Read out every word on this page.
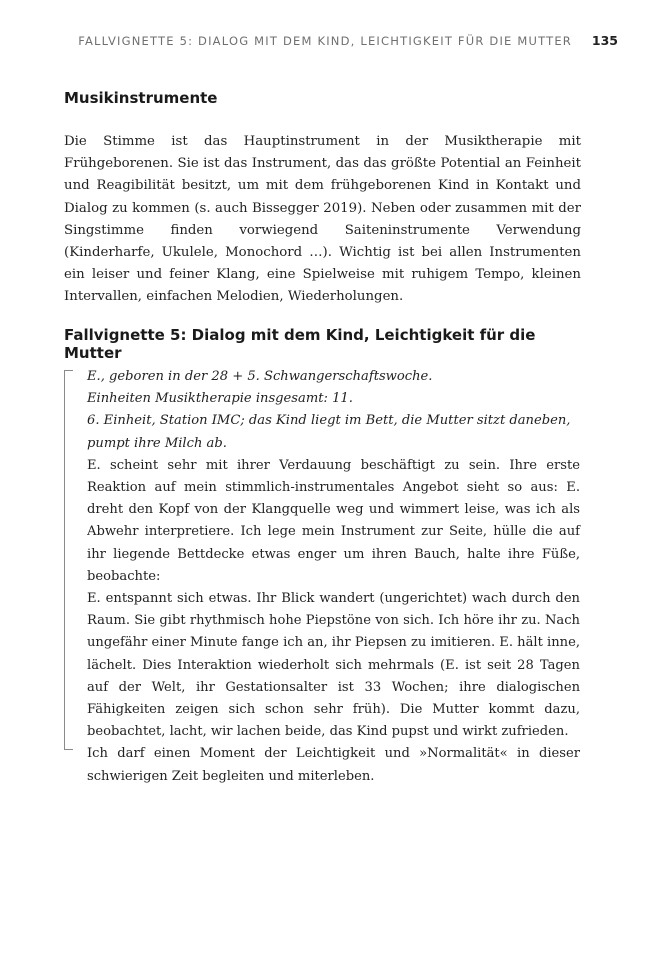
FALLVIGNETTE 5: DIALOG MIT DEM KIND, LEICHTIGKEIT FÜR DIE MUTTER 135
Musikinstrumente

Die Stimme ist das Hauptinstrument in der Musiktherapie mit Frühgeborenen. Sie ist das Instrument, das das größte Potential an Feinheit und Reagibilität besitzt, um mit dem frühgeborenen Kind in Kontakt und Dialog zu kommen (s. auch Bissegger 2019). Neben oder zusammen mit der Singstimme finden vorwiegend Saiteninstrumente Verwendung (Kinderharfe, Ukulele, Monochord …). Wichtig ist bei allen Instrumenten ein leiser und feiner Klang, eine Spielweise mit ruhigem Tempo, kleinen Intervallen, einfachen Melodien, Wiederholungen.

Fallvignette 5: Dialog mit dem Kind, Leichtigkeit für die Mutter

E., geboren in der 28 + 5. Schwangerschaftswoche.

Einheiten Musiktherapie insgesamt: 11.

6. Einheit, Station IMC; das Kind liegt im Bett, die Mutter sitzt daneben, pumpt ihre Milch ab.

E. scheint sehr mit ihrer Verdauung beschäftigt zu sein. Ihre erste Reaktion auf mein stimmlich-instrumentales Angebot sieht so aus: E. dreht den Kopf von der Klangquelle weg und wimmert leise, was ich als Abwehr interpretiere. Ich lege mein Instrument zur Seite, hülle die auf ihr liegende Bettdecke etwas enger um ihren Bauch, halte ihre Füße, beobachte:

E. entspannt sich etwas. Ihr Blick wandert (ungerichtet) wach durch den Raum. Sie gibt rhythmisch hohe Piepstöne von sich. Ich höre ihr zu. Nach ungefähr einer Minute fange ich an, ihr Piepsen zu imitieren. E. hält inne, lächelt. Dies Interaktion wiederholt sich mehrmals (E. ist seit 28 Tagen auf der Welt, ihr Gestationsalter ist 33 Wochen; ihre dialogischen Fähigkeiten zeigen sich schon sehr früh). Die Mutter kommt dazu, beobachtet, lacht, wir lachen beide, das Kind pupst und wirkt zufrieden.

Ich darf einen Moment der Leichtigkeit und »Normalität« in dieser schwierigen Zeit begleiten und miterleben.
